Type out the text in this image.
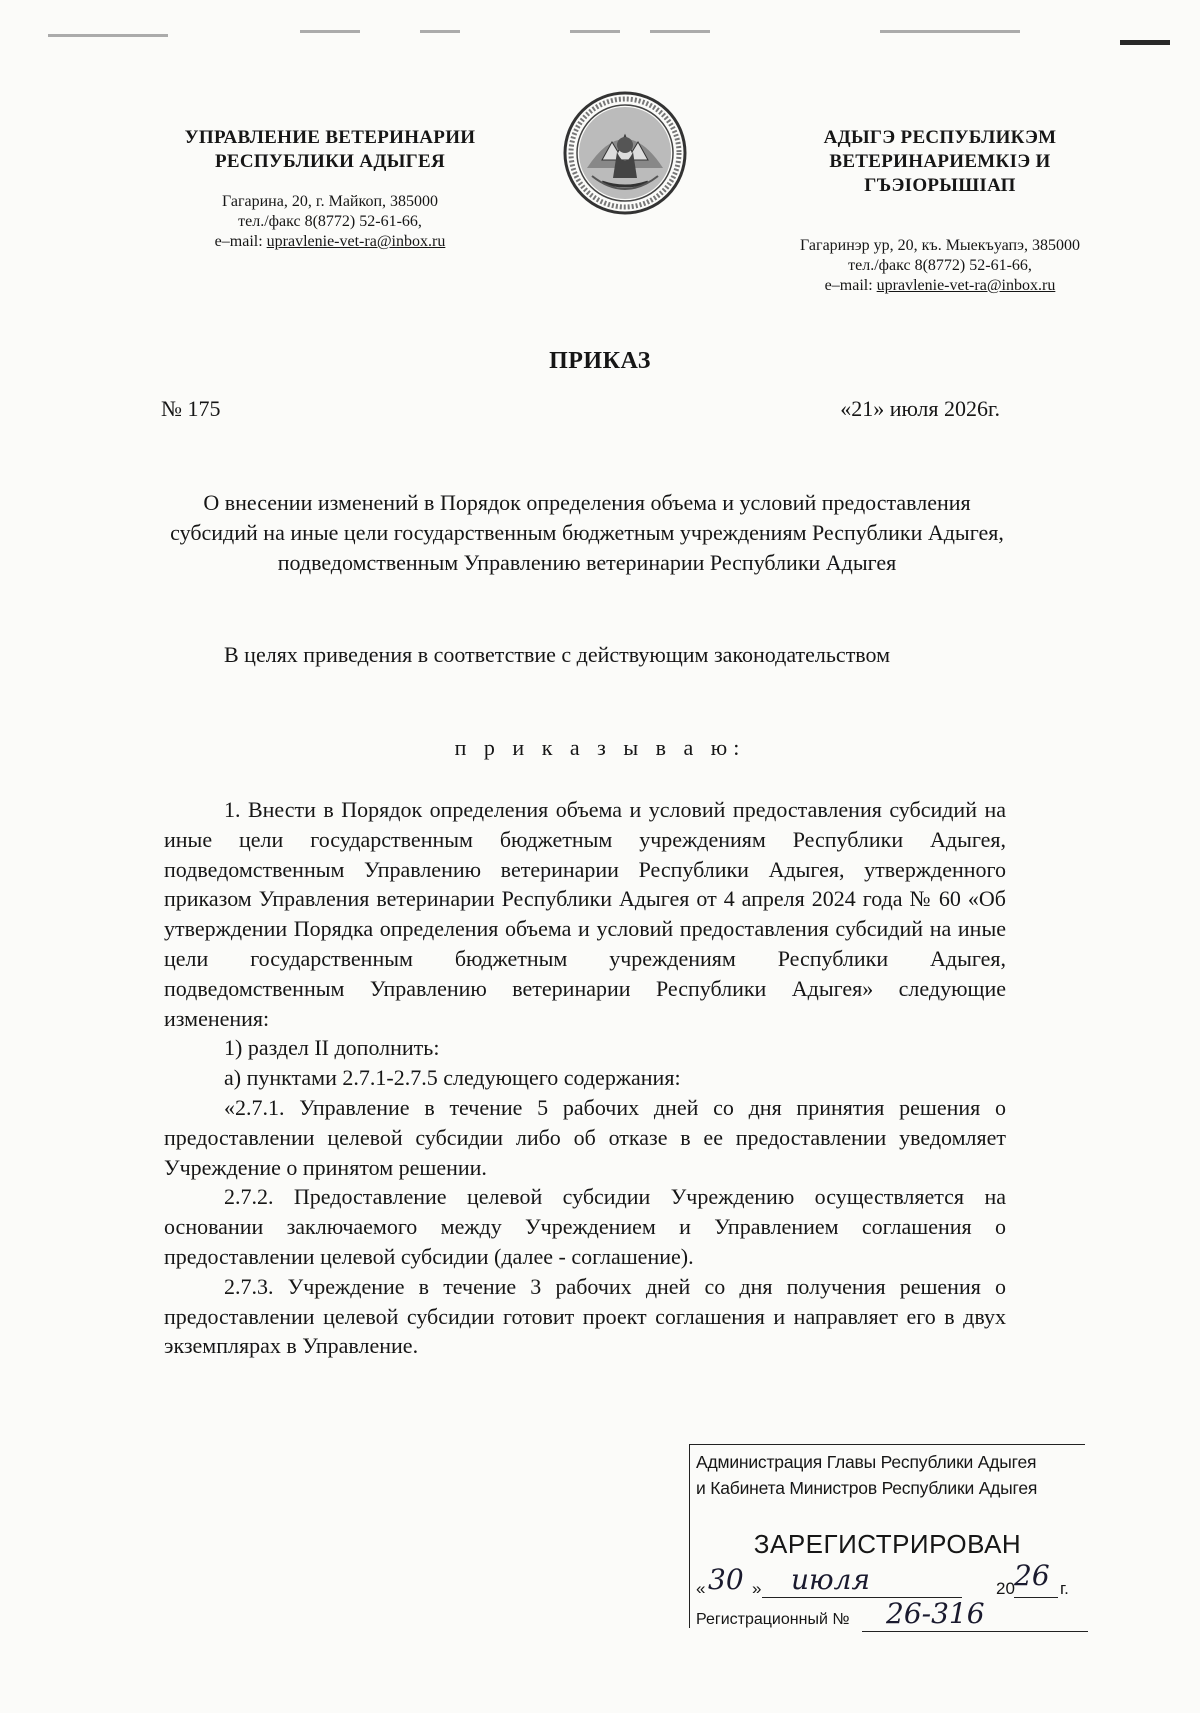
УПРАВЛЕНИЕ ВЕТЕРИНАРИИ
РЕСПУБЛИКИ АДЫГЕЯ
Гагарина, 20, г. Майкоп, 385000
тел./факс 8(8772) 52-61-66,
e–mail: upravlenie-vet-ra@inbox.ru
АДЫГЭ РЕСПУБЛИКЭМ
ВЕТЕРИНАРИЕМКIЭ И
ГЪЭIОРЫШIАП
Гагаринэр ур, 20, къ. Мыекъуапэ, 385000
тел./факс 8(8772) 52-61-66,
e–mail: upravlenie-vet-ra@inbox.ru
ПРИКАЗ
№ 175	«21» июля 2026г.
О внесении изменений в Порядок определения объема и условий предоставления субсидий на иные цели государственным бюджетным учреждениям Республики Адыгея, подведомственным Управлению ветеринарии Республики Адыгея
В целях приведения в соответствие с действующим законодательством
п р и к а з ы в а ю:
1. Внести в Порядок определения объема и условий предоставления субсидий на иные цели государственным бюджетным учреждениям Республики Адыгея, подведомственным Управлению ветеринарии Республики Адыгея, утвержденного приказом Управления ветеринарии Республики Адыгея от 4 апреля 2024 года № 60 «Об утверждении Порядка определения объема и условий предоставления субсидий на иные цели государственным бюджетным учреждениям Республики Адыгея, подведомственным Управлению ветеринарии Республики Адыгея» следующие изменения:
1) раздел II дополнить:
а) пунктами 2.7.1-2.7.5 следующего содержания:
«2.7.1. Управление в течение 5 рабочих дней со дня принятия решения о предоставлении целевой субсидии либо об отказе в ее предоставлении уведомляет Учреждение о принятом решении.
2.7.2. Предоставление целевой субсидии Учреждению осуществляется на основании заключаемого между Учреждением и Управлением соглашения о предоставлении целевой субсидии (далее - соглашение).
2.7.3. Учреждение в течение 3 рабочих дней со дня получения решения о предоставлении целевой субсидии готовит проект соглашения и направляет его в двух экземплярах в Управление.
Администрация Главы Республики Адыгея
и Кабинета Министров Республики Адыгея
ЗАРЕГИСТРИРОВАН
« 30 » июля	20 26 г.
Регистрационный № 26-316
